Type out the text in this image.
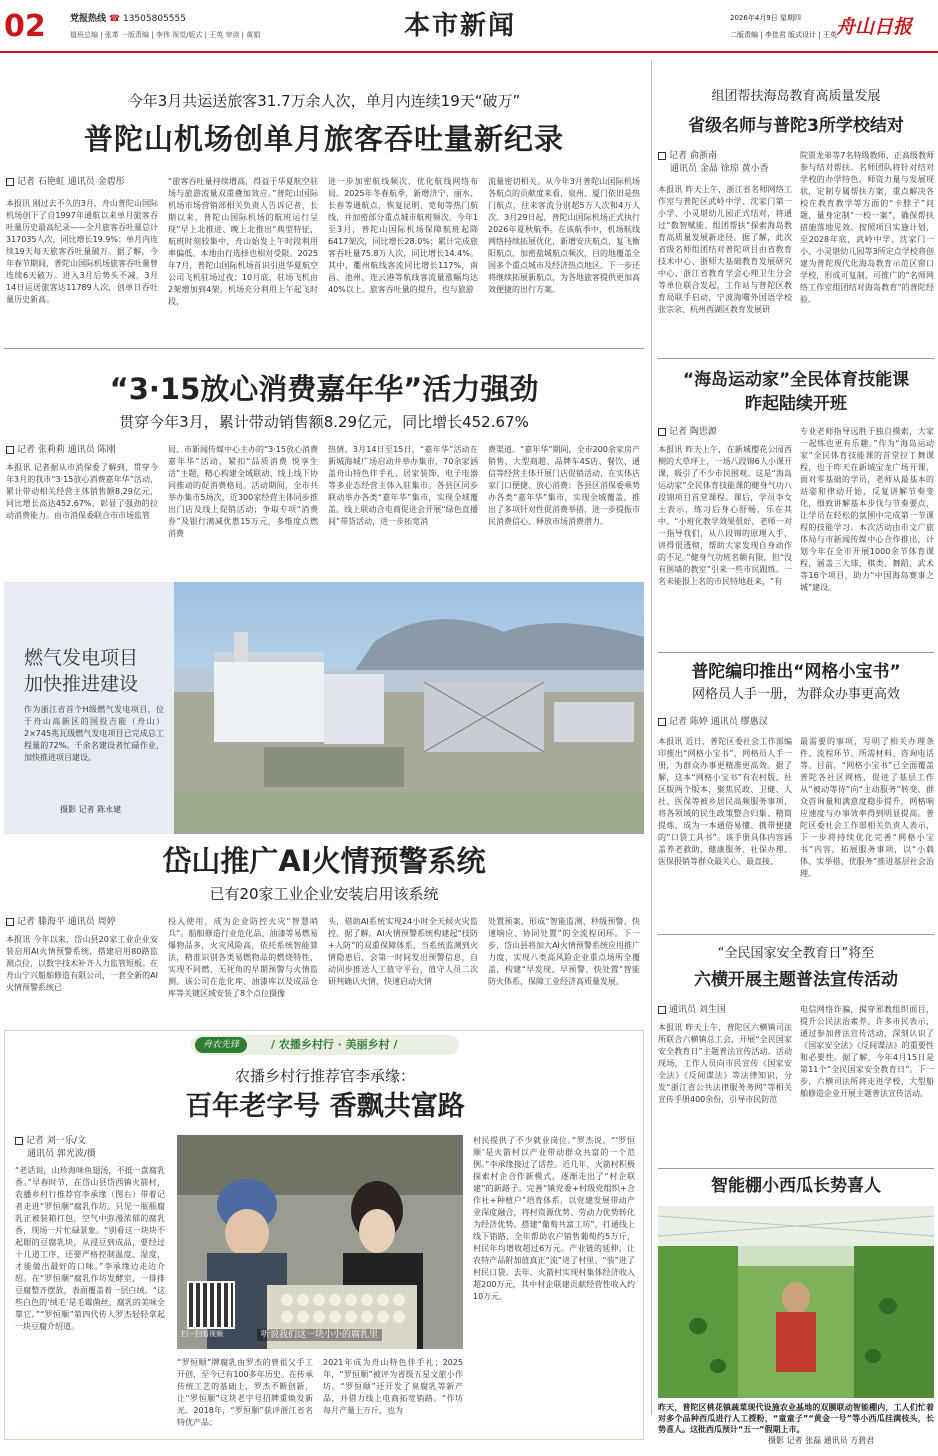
02	党报热线 ☎ 13505805555
值班总编 | 张革 一版责编 | 李伟 视觉/版式 | 王英 审读 | 黄娟	本市新闻	2026年4月9日 星期四
二版责编 | 李佳君 版式设计 | 王英 舟山日报
今年3月共运送旅客31.7万余人次，单月内连续19天“破万”
普陀山机场创单月旅客吞吐量新纪录
记者 石艳虹 通讯员 金碧彤
本报讯 刚过去不久的3月，舟山普陀山国际机场创下了自1997年通航以来单月旅客吞吐量历史最高纪录——全月旅客吞吐量总计317035人次，同比增长19.9%；单月内连续19天每天旅客吞吐量破万。据了解，今年春节期间，普陀山国际机场旅客吞吐量曾连续6天破万。进入3月后势头不减，3月14日运送旅客达11789人次，创单日吞吐量历史新高。
“旅客吞吐量持续增高，得益于华夏航空驻场与旅游流量双重叠加效应。”普陀山国际机场市场营销部相关负责人告诉记者，长期以来，普陀山国际机场的航班运行呈现“早上北推进、晚上北推出”典型特征，航班时刻较集中，舟山始发上午时段利用率偏低。本地由行选择也相对受限。2025年7月，普陀山国际机场首识引进华夏航空公司飞机驻场过夜；10月底，驻场飞机由2架增加到4架。机场充分利用上午起飞时段，
进一步加密航线频次，优化航线网络布局。2025年冬春航季，新增济宁、丽水、长春等通航点，恢复昆明、宽甸等热门航线，并加密部分重点城市航班频次。今年1至3月，普陀山国际机场保障航班起降6417架次，同比增长28.0%；累计完成旅客吞吐量75.8万人次，同比增长14.4%。其中，衢州航线客流同比增长117%，南昌、池州、连云港等航线客流量涨幅均达40%以上。旅客吞吐量的提升，也与旅游
流量密切相关。从今年3月普陀山国际机场各航点的贡献度来看，泉州、厦门依旧是热门航点，往来客流分别超5万人次和4万人次。3月29日起，普陀山国际机场正式执行2026年夏秋航季。在该航季中，机场航线网络持续拓展优化，新增安庆航点，复飞衡阳航点，加密盐城航点频次，目的地覆盖全国多个重点城市及经济热点地区。下一步还将继续拓展新航点，为各地旅客提供更加高效便捷的出行方案。
组团帮扶海岛教育高质量发展
省级名师与普陀3所学校结对
记者 俞浙南
通讯员 金晶 徐琼 黄小香
本报讯 昨天上午，浙江省名师网络工作室与普陀区武岭中学、沈家门第一小学、小灵堪幼儿园正式结对，将通过“数智赋能、组团帮扶”探索海岛教育高质量发展新途径。据了解，此次省级名师组团结对普陀项目由省教育技术中心、浙师大基础教育发展研究中心、浙江省教育学会心理卫生分会等单位联合发起，工作站与普陀区教育局联手启动，宁波海曙外国语学校张宗余、杭州西湖区教育发展研
院贾龙弟等7名特级教师、正高级教师参与结对帮扶。名师团队将针对结对学校的办学特色、师资力量与发展现状，定制专属帮扶方案，重点解决各校在教育教学等方面的“卡脖子”问题，量身定制“一校一案”，确保帮扶措施落地见效。按照项目实施计划，至2028年底，武岭中学、沈家门一小、小灵堪幼儿园等3所定点学校将创建为普陀现代化海岛教育示范区窗口学校，形成可复制、可推广的“名师网络工作室组团结对海岛教育”的普陀经验。
“3·15放心消费嘉年华”活力强劲
贯穿今年3月，累计带动销售额8.29亿元，同比增长452.67%
记者 张莉莉 通讯员 陈刚
本报讯 记者据从市消保委了解到，贯穿今年3月的我市“3·15放心消费嘉年华”活动，累计带动相关经营主体销售额8.29亿元，同比增长高达452.67%，彰显了强劲的拉动消费能力。由市消保委联合市市场监管
局、市新闻传媒中心主办的“3·15放心消费嘉年华”活动，紧扣“品质消费 悦享生活”主题，精心构建全域联动、线上线下协同推动的促消费格局。活动期间，全市共举办集市5场次，近300家经营主体同步推出门店及线上促销活动；争取专项“消费券”及银行满减优惠15万元，多维度点燃消费
热情。3月14日至15日，“嘉年华”活动在新城海城广场启动并举办集市，70余家涵盖舟山特色伴手礼、居家装饰、电子电器等多业态经营主体入驻集市。各县区同步联动举办各类“嘉年华”集市，实现全域覆盖。线上联动合电商促进会开展“绿色直播间”带货活动，进一步拓宽消
费渠道。“嘉年华”期间，全市200余家房产销售、大型商超、品牌车4S店、餐饮、通信等经营主体开展门店促销活动，在实体店家门口便捷、放心消费；各县区消保委乘势办各类“嘉年华”集市，实现全域覆盖，推出了多项针对性促消费举措，进一步提振市民消费信心、释放市场消费潜力。
“海岛运动家”全民体育技能课
昨起陆续开班
记者 陶思源
本报讯 昨天上午，在新城樱花公园西侧的大草坪上，一场八段锦6人小课开课，吸引了不少市民围观。这是“海岛运动家”全民体育技能课的健身气功八段锦项目首堂课程。课后，学员李女士表示，练习后身心舒畅，乐在其中。“小班化教学效果很好，老师一对一指导我们，从八段锦的原理入手，讲得很透彻，帮助大家发现自身动作的不足。”健身气功班名额有限，但“没有围墙的教室”引来一些市民跟练。一名未能报上名的市民特地赶来，“有
专业老师指导远胜于独自摸索，大家一起练也更有乐趣。”作为“海岛运动家”全民体育技能课的首堂拉丁舞课程，也于昨天在新城宝龙广场开课，面对零基础的学员，老师从最基本的站姿和律动开始，反复讲解节奏变化，细致讲解基本步伐与节奏要点，让学员在轻松的氛围中完成第一节课程的技能学习。本次活动由市文广旅体局与市新闻传媒中心合作推出，计划今年在全市开展1000余节体育课程，涵盖三大球、棋类、舞蹈、武术等16个项目，助力“中国海岛赛事之城”建设。
燃气发电项目
加快推进建设
作为浙江省首个H级燃气发电项目，位于舟山高新区的国投吉能（舟山）2×745兆瓦级燃气发电项目已完成总工程量的72%。千余名建设者忙碌作业，加快推进项目建设。
摄影 记者 陈永建
普陀编印推出“网格小宝书”
网格员人手一册，为群众办事更高效
记者 陈婷 通讯员 缪惠汉
本报讯 近日，普陀区委社会工作部编印推出“网格小宝书”，网格员人手一册，为群众办事更精准更高效。据了解，这本“网格小宝书”有农村版、社区版两个版本，聚焦民政、卫健、人社、医保等被乡居民高频服务事项，将各领域的民生政策整合归集、精简提炼，成为一本通俗易懂、携带便捷的“口袋工具书”。该手册具体内容涵盖养老救助、健康服务、社保办理、医保报销等群众最关心、最直接、
最需要的事项，写明了相关办理条件、流程环节、所需材料、咨询电话等。目前，“网格小宝书”已全面覆盖普陀各社区网格，促进了基层工作从“被动等待”向“主动服务”转变，群众咨询量和满意度稳步提升，网格响应速度与办事效率得到明显提高。普陀区委社会工作部相关负责人表示，下一步将持续优化完善“网格小宝书”内容，拓展服务事项，以“小载体、实举措、优服务”推进基层社会治理。
岱山推广AI火情预警系统
已有20家工业企业安装启用该系统
记者 滕海平 通讯员 周婷
本报讯 今年以来，岱山县20家工业企业安装启用AI火情预警系统，搭建启用80路监测点位，以数字技术补齐人力监管短板。在舟山宁兴船舶修造有限公司，一套全新的AI火情预警系统已
投入使用，成为企业防控火灾“智慧哨兵”。船舶修造行业危化品、油漆等易燃易爆物品多，火灾风险高，依托系统智能算法，精准识别各类易燃物品的燃烧特性，实现不同燃、无死角的早期预警与火情监测。该公司在危化库、油漆库以及成品仓库等关键区域安装了8个点位摄像
头，借助AI系统实现24小时全天候火灾监控。据了解，AI火情预警系统构建起“技防+人防”的双重保障体系，当系统监测到火情隐患后，会第一时间发出预警信息，自动同步推送人工值守平台，值守人员二次研判确认火情，快速启动火情
处置预案，形成“智能监测、秒级预警、快速响应、协同处置”的全流程闭环。下一步，岱山县将加大AI火情预警系统应用推广力度，实现八类高风险企业重点场所全覆盖，构建“早发现、早预警、快处置”智能防火体系，保障工业经济高质量发展。
舟农先锋	/ 农播乡村行 · 美丽乡村 /
农播乡村行推荐官李承缘：
百年老字号 香飘共富路
记者 刘一乐/文
通讯员 郭光波/摄
“老话说，山珍海味鱼翅汤，不抵一盘腐乳香。”早春时节，在岱山县岱西镇火箭村，农播乡村行推荐官李承缘（图右）带着记者走进“罗恒顺”腐乳作坊。只见一瓶瓶腐乳正被装箱打包，空气中弥漫浓郁的腐乳香，现场一片忙碌景象。“别看这一块块不起眼的豆腐乳块，从浸豆到成品，要经过十几道工序，还要严格控制温度、湿度，才能做出最好的口味。”李承缘边走边介绍。在“罗恒顺”腐乳作坊发酵室，一排排豆腐整齐摆放，表面覆盖着一层白绒。“这些白色的‘绒毛’是毛霉菌丝，腐乳的美味全靠它。”“罗恒顺”第四代传人罗杰轻轻拿起一块豆腐介绍道。
扫一扫看视频	听说我们这一块小小的腐乳里
“罗恒顺”牌腐乳由罗杰的曾祖父手工开创，至今已有100多年历史。在传承传统工艺的基础上，罗杰不断创新，让“罗恒顺”这块老字号招牌重焕发新光。2018年，“罗恒顺”获评浙江省名特优产品；
2021年成为舟山特色伴手礼；2025年，“罗恒顺”被评为省级五星文旅小作坊。“罗恒顺”还开发了臭腐乳等新产品，并借力线上电商拓宽销路。“作坊每月产量上万斤，也为
村民提供了不少就业岗位。”罗杰说。“‘罗恒顺’是火箭村以产业带动群众共富的一个范例。”李承缘接过了话茬。近几年，火箭村积极探索村企合作新模式，逐渐走出了“村企联建”的新路子。完善“镇党委+村级党组织+合作社+种植户”培育体系，以党建发展带动产业深度融合，将村资源优势、劳动力优势转化为经济优势。搭建“葡萄共富工坊”，打通线上线下销路，全年帮助农户销售葡萄约5万斤，村民年均增收超过6万元。产业链的延伸，让农特产品附加值真正“流”进了村里、“装”进了村民口袋。去年，火箭村实现村集体经济收入超200万元，其中村企联建贡献经营性收入约10万元。
“全民国家安全教育日”将至
六横开展主题普法宣传活动
通讯员 刘生国
本报讯 昨天上午，普陀区六横镇司法所联合六横镇总工会，开展“全民国家安全教育日”主题普法宣传活动。活动现场，工作人员向市民宣传《国家安全法》《反间谍法》等法律知识，分发“浙江省公共法律服务务网”等相关宣传手册400余份，引导市民防范
电信网络诈骗，揭穿邪教组织面目，提升公民法治素养。许多市民表示，通过参加普法宣传活动，深刻认识了《国家安全法》《反间谍法》的重要性和必要性。据了解，今年4月15日是第11个“全民国家安全教育日”。下一步，六横司法所将走进学校、大型船舶修造企业开展主题普法宣传活动。
智能棚小西瓜长势喜人
昨天，普陀区桃花镇蔬菜现代设施农业基地的双膜联动智能棚内，工人们忙着对多个品种西瓜进行人工授粉，“童童子”“黄金一号”等小西瓜挂满枝头，长势喜人。这批西瓜预计“五一”假期上市。
摄影 记者 张磊 通讯员 方碧君
